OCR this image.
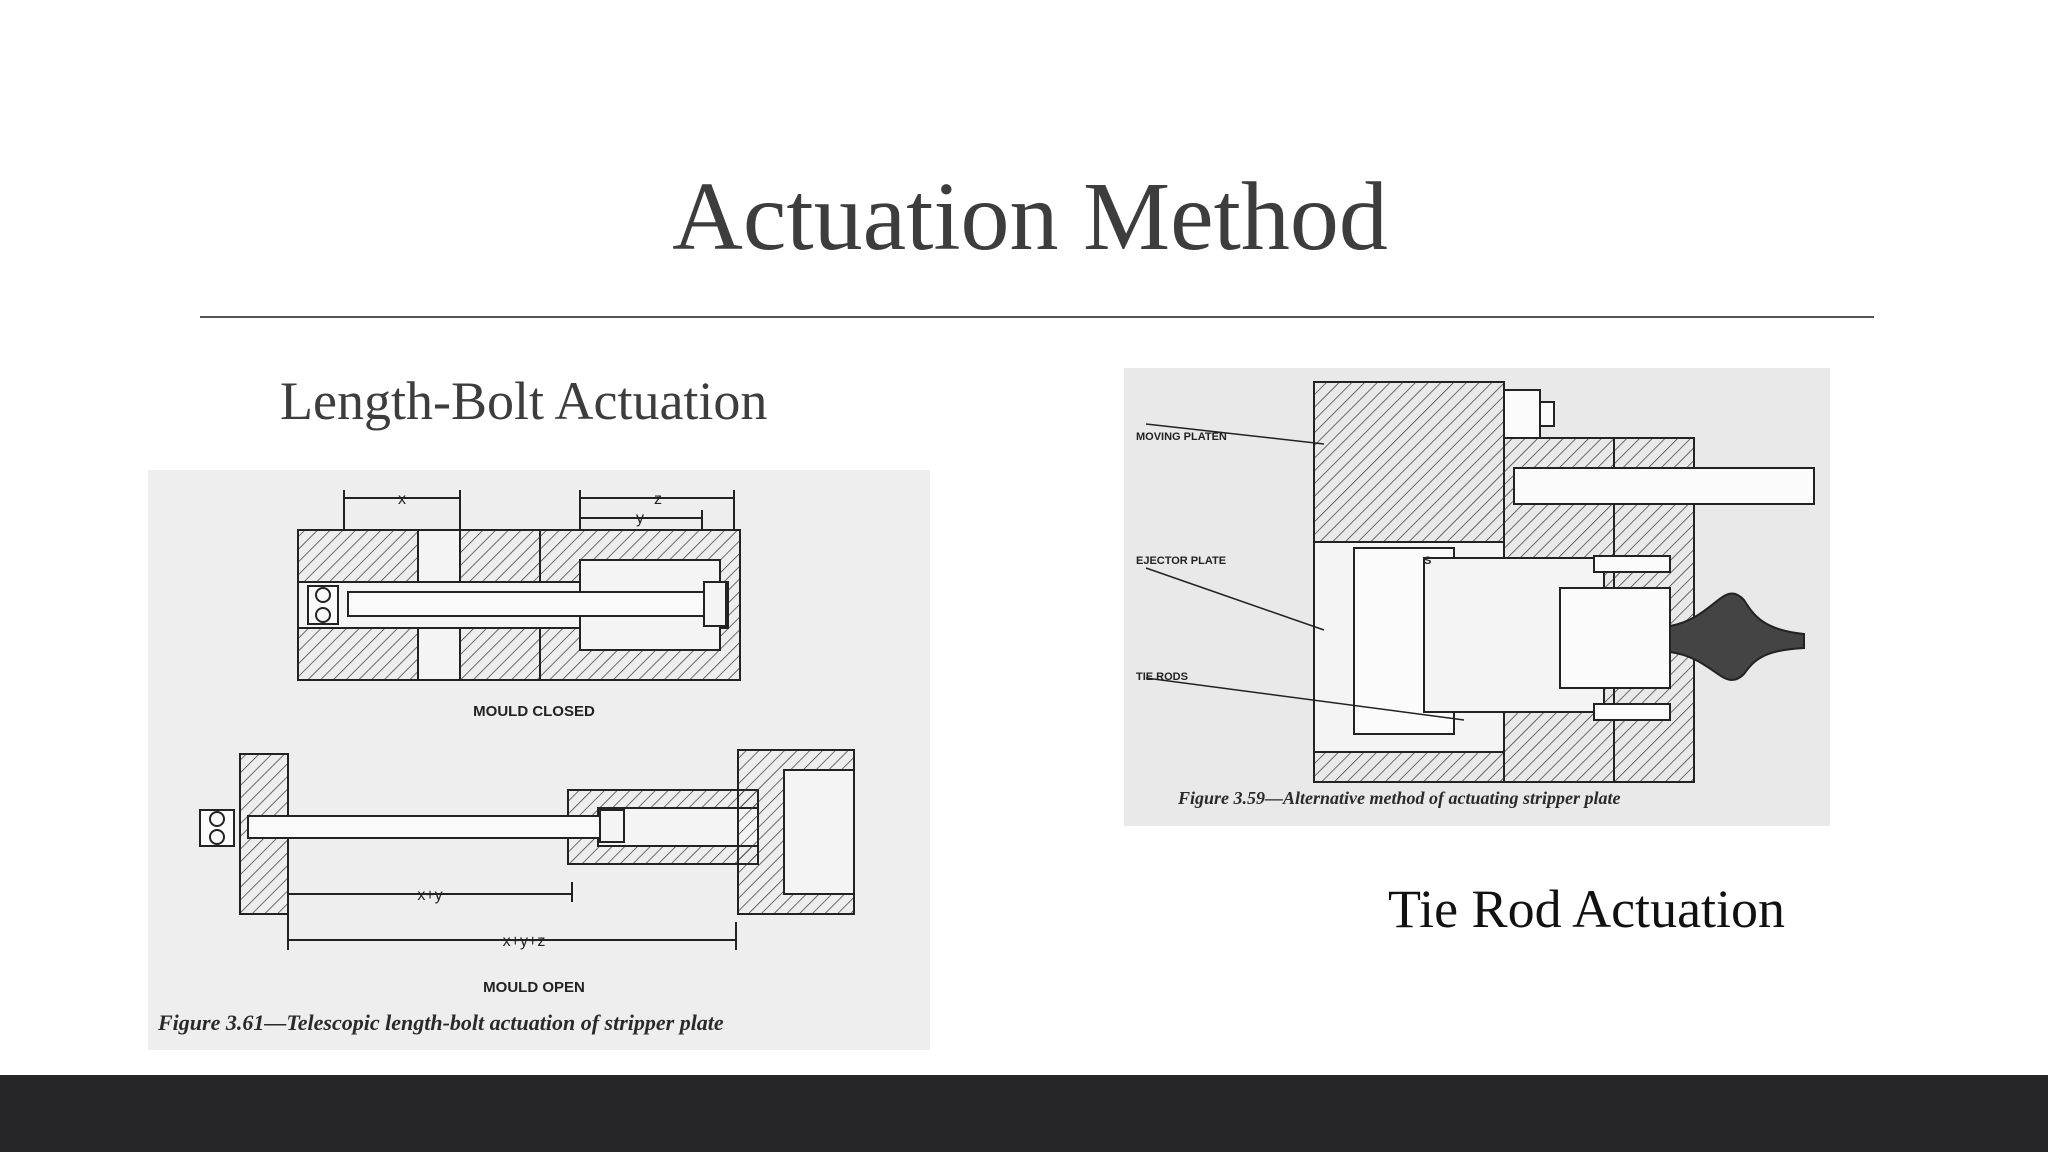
Actuation Method
Length-Bolt Actuation
x	z
y
MOULD CLOSED
x+y
x+y+z
MOULD OPEN
Figure 3.61—Telescopic length-bolt actuation of stripper plate
MOVING PLATEN
EJECTOR PLATE
TIE RODS
S
Figure 3.59—Alternative method of actuating stripper plate
Tie Rod Actuation
